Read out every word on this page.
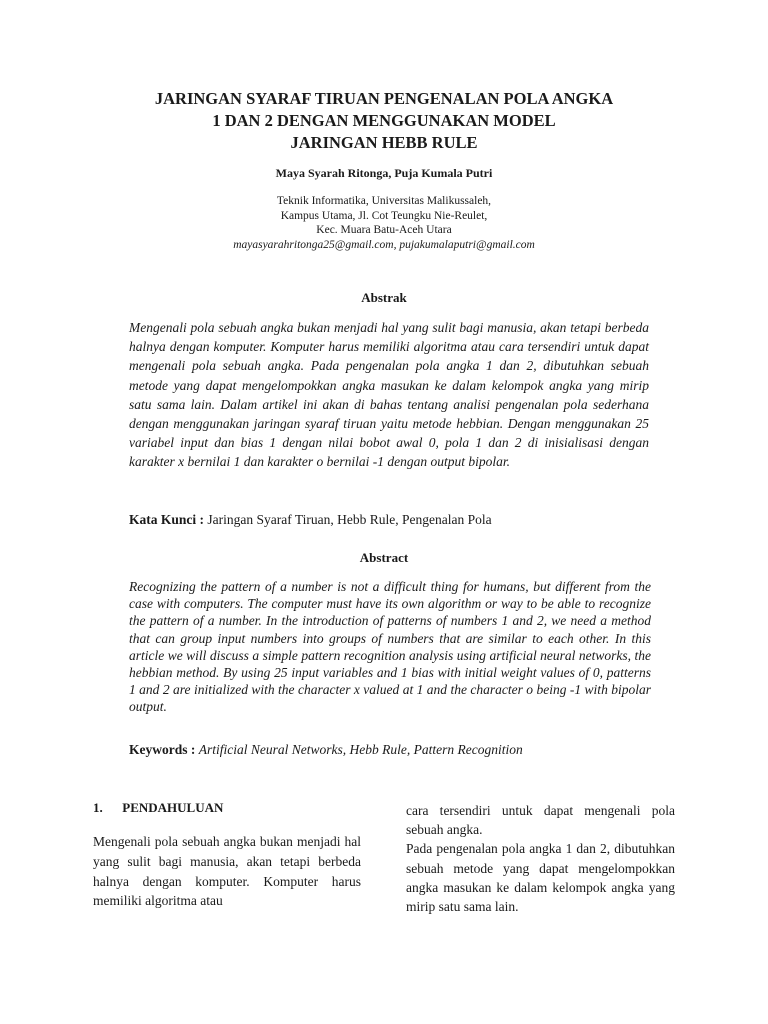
JARINGAN SYARAF TIRUAN PENGENALAN POLA ANGKA
1 DAN 2 DENGAN MENGGUNAKAN MODEL
JARINGAN HEBB RULE
Maya Syarah Ritonga, Puja Kumala Putri
Teknik Informatika, Universitas Malikussaleh,
Kampus Utama, Jl. Cot Teungku Nie-Reulet,
Kec. Muara Batu-Aceh Utara
mayasyarahritonga25@gmail.com, pujakumalaputri@gmail.com
Abstrak
Mengenali pola sebuah angka bukan menjadi hal yang sulit bagi manusia, akan tetapi berbeda halnya dengan komputer. Komputer harus memiliki algoritma atau cara tersendiri untuk dapat mengenali pola sebuah angka. Pada pengenalan pola angka 1 dan 2, dibutuhkan sebuah metode yang dapat mengelompokkan angka masukan ke dalam kelompok angka yang mirip satu sama lain. Dalam artikel ini akan di bahas tentang analisi pengenalan pola sederhana dengan menggunakan jaringan syaraf tiruan yaitu metode hebbian. Dengan menggunakan 25 variabel input dan bias 1 dengan nilai bobot awal 0, pola 1 dan 2 di inisialisasi dengan karakter x bernilai 1 dan karakter o bernilai -1 dengan output bipolar.
Kata Kunci : Jaringan Syaraf Tiruan, Hebb Rule, Pengenalan Pola
Abstract
Recognizing the pattern of a number is not a difficult thing for humans, but different from the case with computers. The computer must have its own algorithm or way to be able to recognize the pattern of a number. In the introduction of patterns of numbers 1 and 2, we need a method that can group input numbers into groups of numbers that are similar to each other. In this article we will discuss a simple pattern recognition analysis using artificial neural networks, the hebbian method. By using 25 input variables and 1 bias with initial weight values of 0, patterns 1 and 2 are initialized with the character x valued at 1 and the character o being -1 with bipolar output.
Keywords : Artificial Neural Networks, Hebb Rule, Pattern Recognition
1. PENDAHULUAN
Mengenali pola sebuah angka bukan menjadi hal yang sulit bagi manusia, akan tetapi berbeda halnya dengan komputer. Komputer harus memiliki algoritma atau

cara tersendiri untuk dapat mengenali pola sebuah angka.

Pada pengenalan pola angka 1 dan 2, dibutuhkan sebuah metode yang dapat mengelompokkan angka masukan ke dalam kelompok angka yang mirip satu sama lain.
